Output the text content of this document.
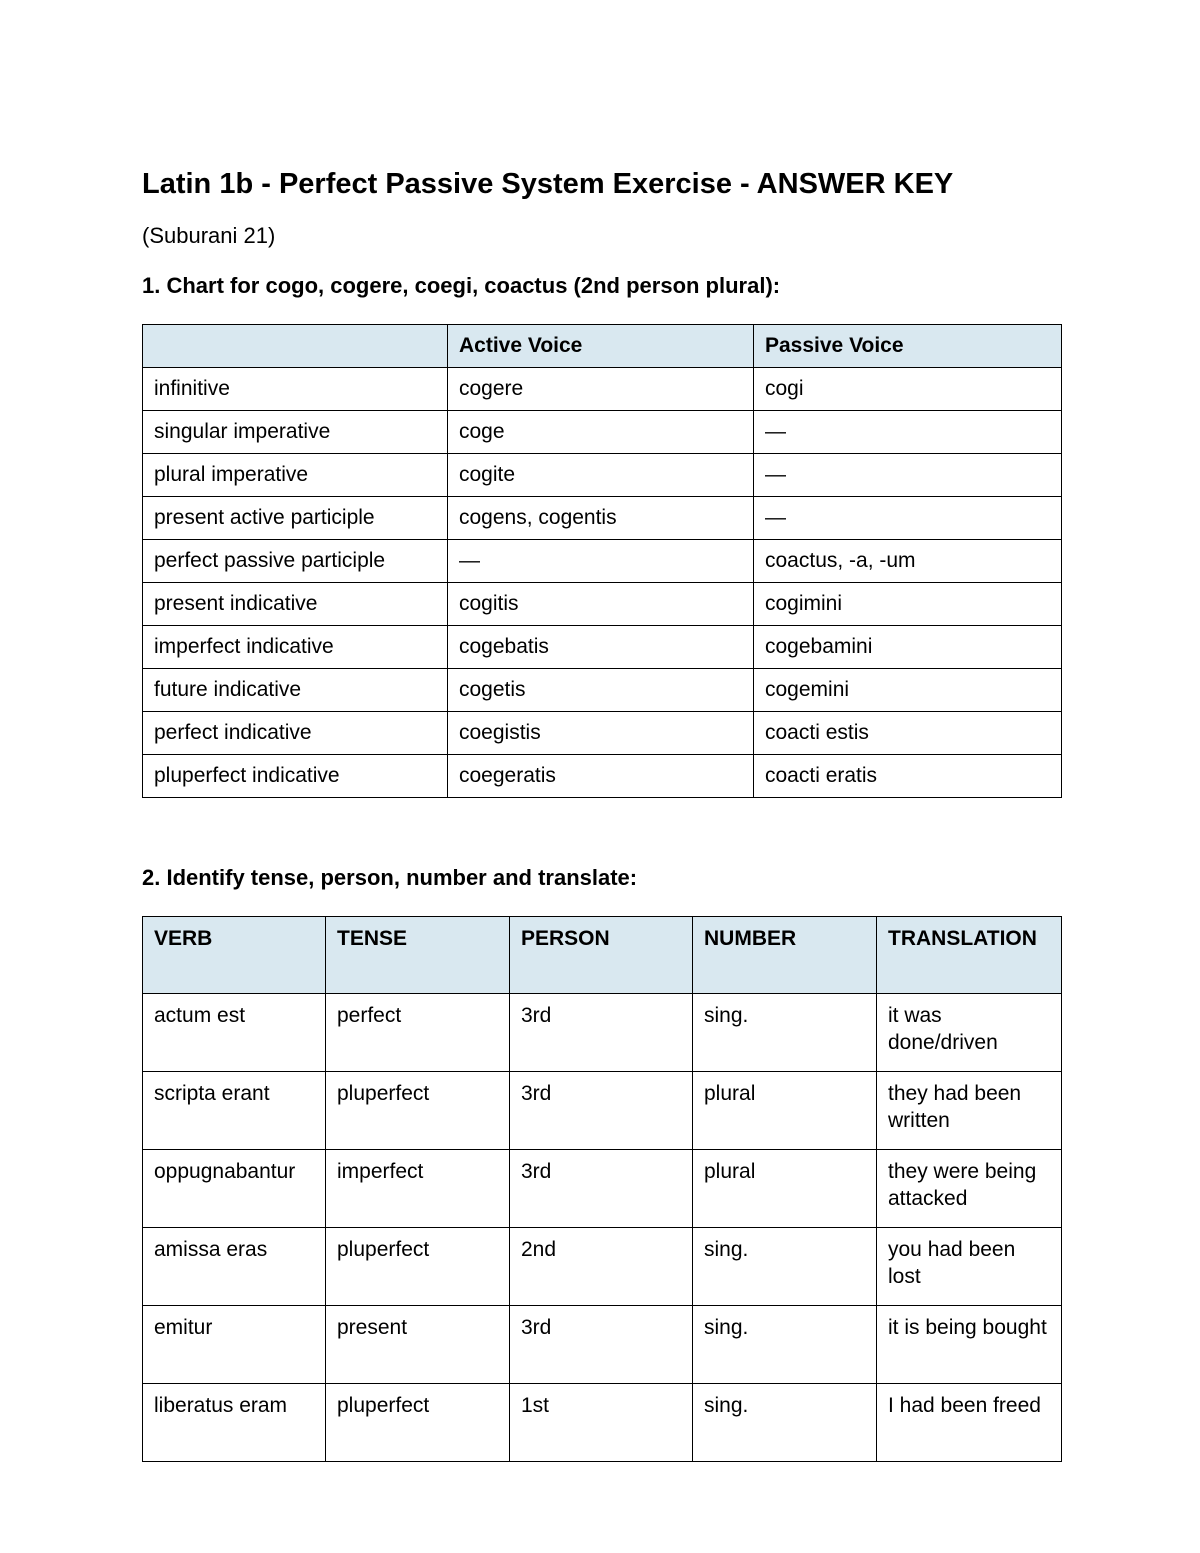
Latin 1b - Perfect Passive System Exercise - ANSWER KEY

(Suburani 21)

1. Chart for cogo, cogere, coegi, coactus (2nd person plural):

	Active Voice	Passive Voice
infinitive	cogere	cogi
singular imperative	coge	—
plural imperative	cogite	—
present active participle	cogens, cogentis	—
perfect passive participle	—	coactus, -a, -um
present indicative	cogitis	cogimini
imperfect indicative	cogebatis	cogebamini
future indicative	cogetis	cogemini
perfect indicative	coegistis	coacti estis
pluperfect indicative	coegeratis	coacti eratis

2. Identify tense, person, number and translate:

VERB	TENSE	PERSON	NUMBER	TRANSLATION
actum est	perfect	3rd	sing.	it was done/driven
scripta erant	pluperfect	3rd	plural	they had been written
oppugnabantur	imperfect	3rd	plural	they were being attacked
amissa eras	pluperfect	2nd	sing.	you had been lost
emitur	present	3rd	sing.	it is being bought
liberatus eram	pluperfect	1st	sing.	I had been freed
